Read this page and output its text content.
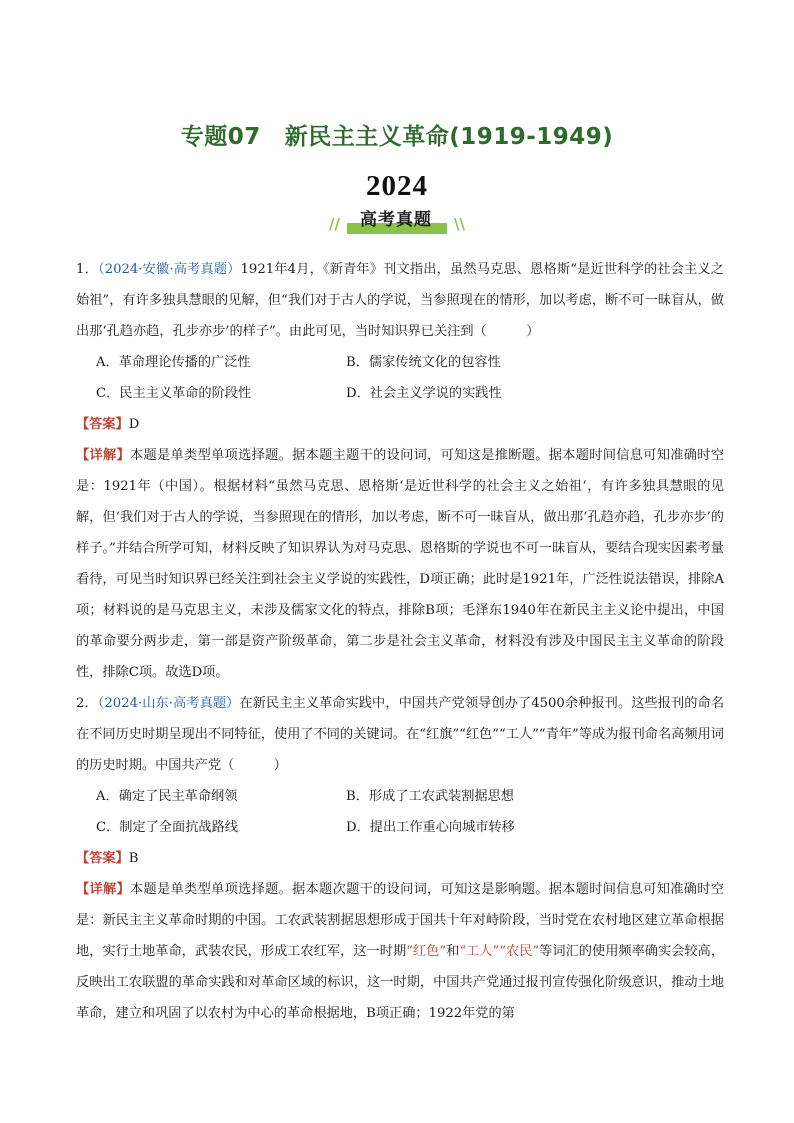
专题07 新民主主义革命(1919-1949)
2024
//	高考真题	\\

1．（2024·安徽·高考真题）1921年4月，《新青年》刊文指出，虽然马克思、恩格斯“是近世科学的社会主义之始祖”，有许多独具慧眼的见解，但“我们对于古人的学说，当参照现在的情形，加以考虑，断不可一昧盲从，做出那‘孔趋亦趋，孔步亦步’的样子”。由此可见，当时知识界已关注到（　　　）

A．革命理论传播的广泛性	B．儒家传统文化的包容性
C．民主主义革命的阶段性	D．社会主义学说的实践性

【答案】D

【详解】本题是单类型单项选择题。据本题主题干的设问词，可知这是推断题。据本题时间信息可知准确时空是：1921年（中国）。根据材料“虽然马克思、恩格斯‘是近世科学的社会主义之始祖’，有许多独具慧眼的见解，但‘我们对于古人的学说，当参照现在的情形，加以考虑，断不可一昧盲从，做出那‘孔趋亦趋，孔步亦步’的样子。”并结合所学可知，材料反映了知识界认为对马克思、恩格斯的学说也不可一昧盲从，要结合现实因素考量看待，可见当时知识界已经关注到社会主义学说的实践性，D项正确；此时是1921年，广泛性说法错误，排除A项；材料说的是马克思主义，未涉及儒家文化的特点，排除B项；毛泽东1940年在新民主主义论中提出，中国的革命要分两步走，第一部是资产阶级革命，第二步是社会主义革命，材料没有涉及中国民主主义革命的阶段性，排除C项。故选D项。

2．（2024·山东·高考真题）在新民主主义革命实践中，中国共产党领导创办了4500余种报刊。这些报刊的命名在不同历史时期呈现出不同特征，使用了不同的关键词。在“红旗”“红色”“工人”“青年”等成为报刊命名高频用词的历史时期。中国共产党（　　　）

A．确定了民主革命纲领	B．形成了工农武装割据思想
C．制定了全面抗战路线	D．提出工作重心向城市转移

【答案】B

【详解】本题是单类型单项选择题。据本题次题干的设问词，可知这是影响题。据本题时间信息可知准确时空是：新民主主义革命时期的中国。工农武装割据思想形成于国共十年对峙阶段，当时党在农村地区建立革命根据地，实行土地革命，武装农民，形成工农红军，这一时期“红色”和“工人”“农民”等词汇的使用频率确实会较高，反映出工农联盟的革命实践和对革命区域的标识，这一时期，中国共产党通过报刊宣传强化阶级意识，推动土地革命，建立和巩固了以农村为中心的革命根据地，B项正确；1922年党的第
